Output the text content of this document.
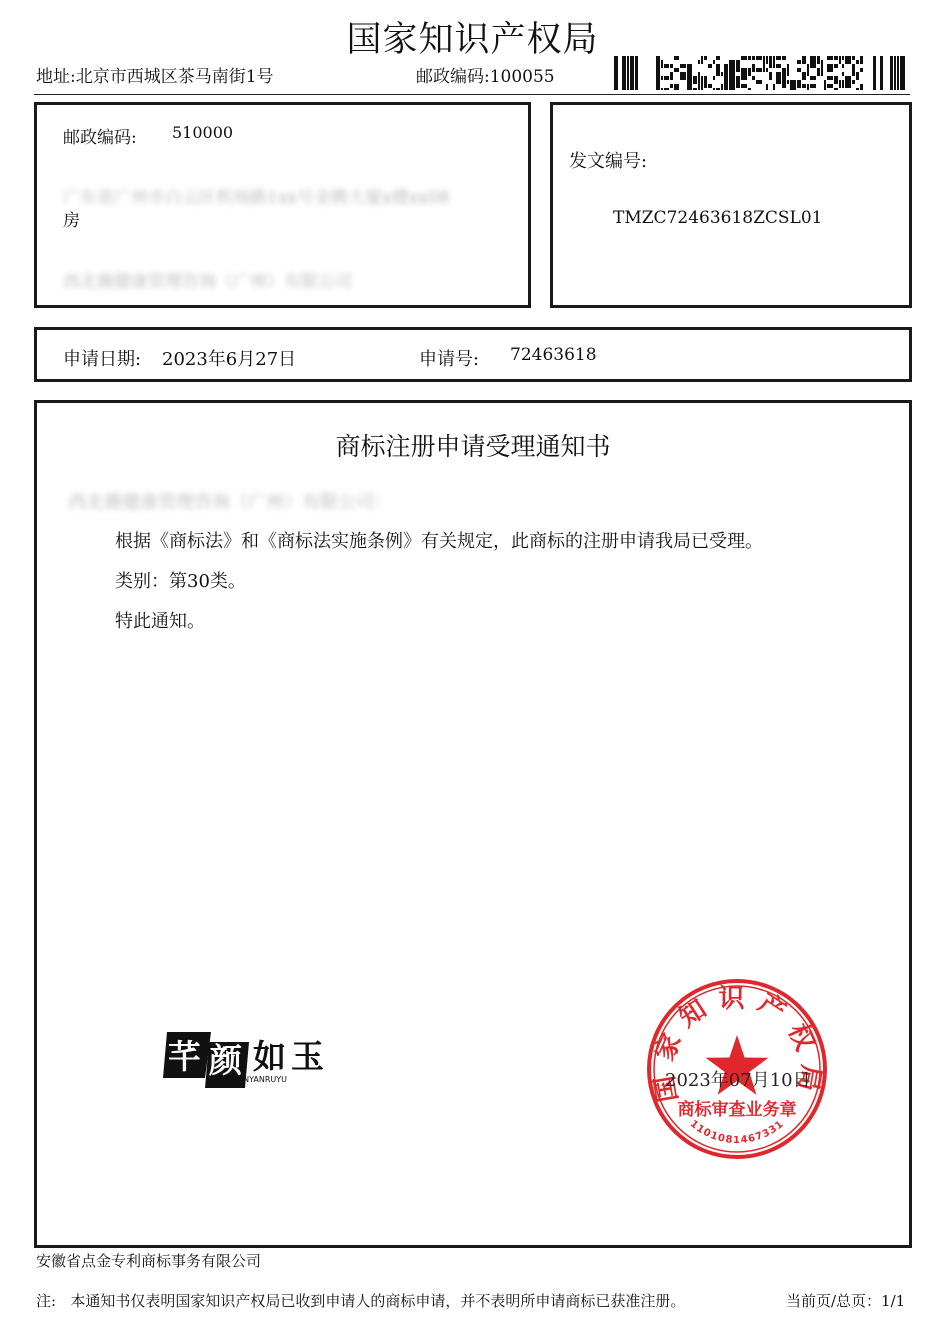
国家知识产权局
地址:北京市西城区茶马南街1号	邮政编码:100055
邮政编码: 510000
广东省广州市白云区机场路1xx号金腾大厦x楼xx08
房
西北薇健康管理咨询（广州）有限公司
发文编号:
TMZC72463618ZCSL01
申请日期: 2023年6月27日	申请号: 72463618
商标注册申请受理通知书
西北薇健康管理咨询（广州）有限公司：
根据《商标法》和《商标法实施条例》有关规定，此商标的注册申请我局已受理。
类别：第30类。
特此通知。
芊 颜 如 玉
QIANYANRUYU	国家知识产权局
商标审查业务章
1101081467331
2023年07月10日
安徽省点金专利商标事务有限公司
注:   本通知书仅表明国家知识产权局已收到申请人的商标申请，并不表明所申请商标已获准注册。	当前页/总页：1/1
